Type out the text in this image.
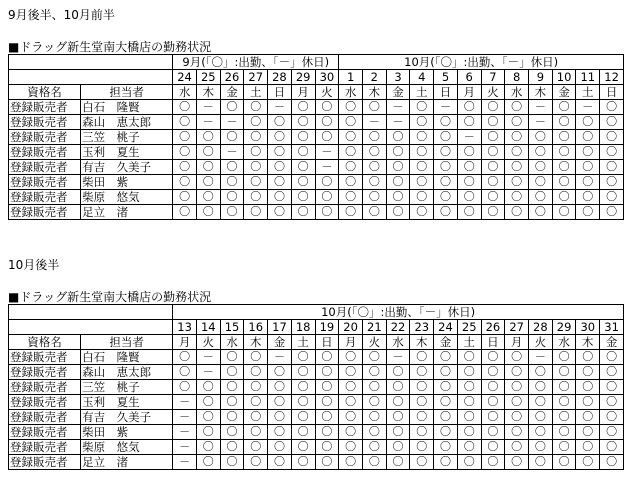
9月後半、10月前半
■ドラッグ新生堂南大橋店の勤務状況
		9月(「〇」:出勤、「－」休日)							10月(「〇」:出勤、「－」休日)											
		24	25	26	27	28	29	30	1	2	3	4	5	6	7	8	9	10	11	12
資格名	担当者	水	木	金	土	日	月	火	水	木	金	土	日	月	火	水	木	金	土	日
登録販売者	白石　隆賢	〇	－	〇	〇	－	〇	〇	〇	〇	－	〇	－	〇	〇	〇	－	〇	－	〇
登録販売者	森山　恵太郎	〇	－	－	〇	〇	〇	〇	〇	－	－	〇	〇	〇	〇	〇	－	〇	〇	〇
登録販売者	三笠　桃子	〇	〇	〇	〇	〇	〇	〇	〇	〇	〇	〇	〇	－	〇	〇	〇	〇	〇	〇
登録販売者	玉利　夏生	〇	〇	－	〇	〇	〇	－	〇	〇	〇	〇	〇	〇	〇	〇	〇	〇	〇	〇
登録販売者	有吉　久美子	〇	〇	〇	〇	〇	〇	－	〇	〇	〇	〇	〇	〇	〇	〇	〇	〇	〇	〇
登録販売者	柴田　紫	〇	〇	〇	〇	〇	〇	〇	〇	〇	〇	〇	〇	〇	〇	〇	〇	〇	〇	〇
登録販売者	柴原　悠気	〇	〇	〇	〇	〇	〇	〇	〇	〇	〇	〇	〇	〇	〇	〇	〇	〇	〇	〇
登録販売者	足立　渚	〇	〇	〇	〇	〇	〇	〇	〇	〇	〇	〇	〇	〇	〇	〇	〇	〇	〇	〇
10月後半
■ドラッグ新生堂南大橋店の勤務状況
		10月(「〇」:出勤、「－」休日)																		
		13	14	15	16	17	18	19	20	21	22	23	24	25	26	27	28	29	30	31
資格名	担当者	月	火	水	木	金	土	日	月	火	水	木	金	土	日	月	火	水	木	金
登録販売者	白石　隆賢	〇	－	〇	〇	－	〇	〇	〇	〇	－	〇	〇	〇	〇	〇	－	〇	〇	〇
登録販売者	森山　恵太郎	〇	－	〇	〇	〇	〇	〇	〇	〇	〇	〇	〇	〇	〇	〇	〇	〇	〇	〇
登録販売者	三笠　桃子	〇	〇	〇	〇	〇	〇	〇	〇	〇	〇	〇	〇	〇	〇	〇	〇	〇	〇	〇
登録販売者	玉利　夏生	－	〇	〇	〇	〇	〇	〇	〇	〇	〇	〇	〇	〇	〇	〇	〇	〇	〇	〇
登録販売者	有吉　久美子	－	〇	〇	〇	〇	〇	〇	〇	〇	〇	〇	〇	〇	〇	〇	〇	〇	〇	〇
登録販売者	柴田　紫	－	〇	〇	〇	〇	〇	〇	〇	〇	〇	〇	〇	〇	〇	〇	〇	〇	〇	〇
登録販売者	柴原　悠気	－	〇	〇	〇	〇	〇	〇	〇	〇	〇	〇	〇	〇	〇	〇	〇	〇	〇	〇
登録販売者	足立　渚	－	〇	〇	〇	〇	〇	〇	〇	〇	〇	〇	〇	〇	〇	〇	〇	〇	〇	〇
